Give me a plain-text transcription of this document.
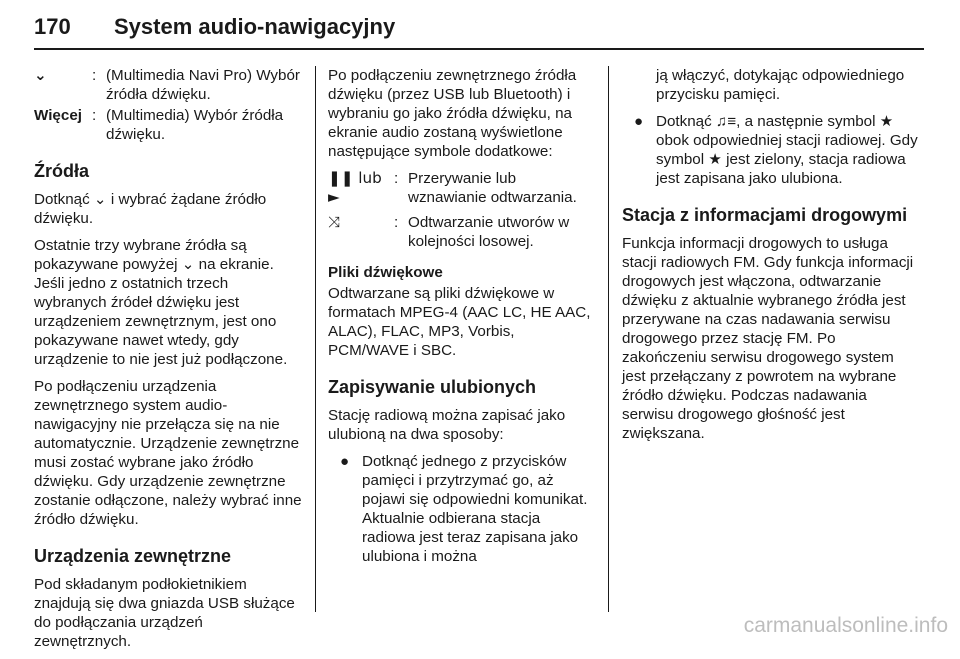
170 System audio-nawigacyjny
⌄	: (Multimedia Navi Pro) Wybór źródła dźwięku.
Więcej : (Multimedia) Wybór źródła dźwięku.
Źródła

Dotknąć ⌄ i wybrać żądane źródło dźwięku.

Ostatnie trzy wybrane źródła są pokazywane powyżej ⌄ na ekranie. Jeśli jedno z ostatnich trzech wybranych źródeł dźwięku jest urządzeniem zewnętrznym, jest ono pokazywane nawet wtedy, gdy urządzenie to nie jest już podłączone.

Po podłączeniu urządzenia zewnętrznego system audio-nawigacyjny nie przełącza się na nie automatycznie. Urządzenie zewnętrzne musi zostać wybrane jako źródło dźwięku. Gdy urządzenie zewnętrzne zostanie odłączone, należy wybrać inne źródło dźwięku.

Urządzenia zewnętrzne

Pod składanym podłokietnikiem znajdują się dwa gniazda USB służące do podłączania urządzeń zewnętrznych.

Po podłączeniu zewnętrznego źródła dźwięku (przez USB lub Bluetooth) i wybraniu go jako źródła dźwięku, na ekranie audio zostaną wyświetlone następujące symbole dodatkowe:

❚❚ lub ►
: Przerywanie lub wznawianie odtwarzania.
⤨	: Odtwarzanie utworów w kolejności losowej.
Pliki dźwiękowe

Odtwarzane są pliki dźwiękowe w formatach MPEG-4 (AAC LC, HE AAC, ALAC), FLAC, MP3, Vorbis, PCM/WAVE i SBC.

Zapisywanie ulubionych

Stację radiową można zapisać jako ulubioną na dwa sposoby:

● Dotknąć jednego z przycisków pamięci i przytrzymać go, aż pojawi się odpowiedni komunikat. Aktualnie odbierana stacja radiowa jest teraz zapisana jako ulubiona i można
ją włączyć, dotykając odpowiedniego przycisku pamięci.
● Dotknąć ♫≡, a następnie symbol ★ obok odpowiedniej stacji radiowej. Gdy symbol ★ jest zielony, stacja radiowa jest zapisana jako ulubiona.
Stacja z informacjami drogowymi

Funkcja informacji drogowych to usługa stacji radiowych FM. Gdy funkcja informacji drogowych jest włączona, odtwarzanie dźwięku z aktualnie wybranego źródła jest przerywane na czas nadawania serwisu drogowego przez stację FM. Po zakończeniu serwisu drogowego system jest przełączany z powrotem na wybrane źródło dźwięku. Podczas nadawania serwisu drogowego głośność jest zwiększana.

carmanualsonline.info
